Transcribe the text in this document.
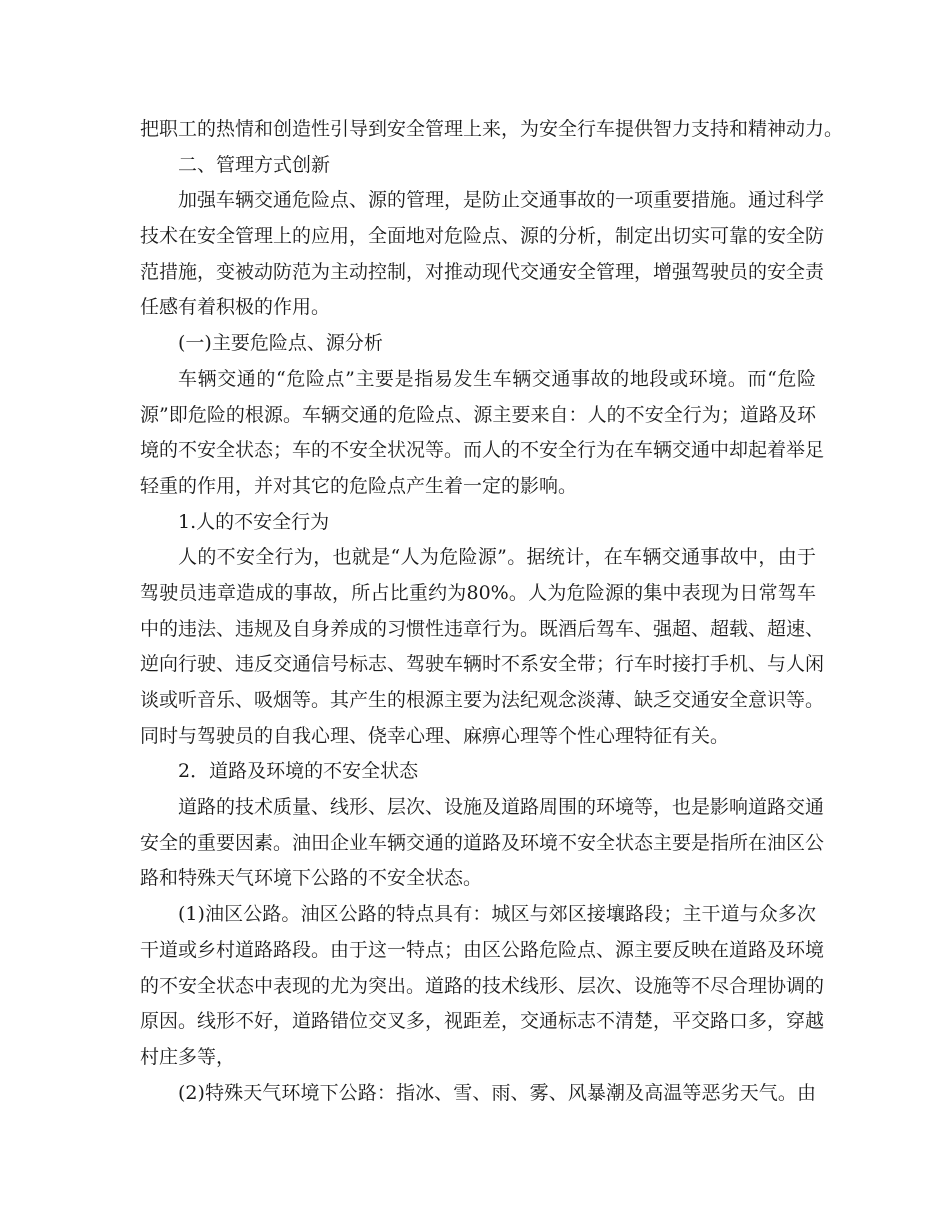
把职工的热情和创造性引导到安全管理上来，为安全行车提供智力支持和精神动力。
二、管理方式创新
加强车辆交通危险点、源的管理，是防止交通事故的一项重要措施。通过科学
技术在安全管理上的应用，全面地对危险点、源的分析，制定出切实可靠的安全防
范措施，变被动防范为主动控制，对推动现代交通安全管理，增强驾驶员的安全责
任感有着积极的作用。
(一)主要危险点、源分析
车辆交通的“危险点”主要是指易发生车辆交通事故的地段或环境。而“危险
源”即危险的根源。车辆交通的危险点、源主要来自：人的不安全行为；道路及环
境的不安全状态；车的不安全状况等。而人的不安全行为在车辆交通中却起着举足
轻重的作用，并对其它的危险点产生着一定的影响。
1.人的不安全行为
人的不安全行为，也就是“人为危险源”。据统计，在车辆交通事故中，由于
驾驶员违章造成的事故，所占比重约为80%。人为危险源的集中表现为日常驾车
中的违法、违规及自身养成的习惯性违章行为。既酒后驾车、强超、超载、超速、
逆向行驶、违反交通信号标志、驾驶车辆时不系安全带；行车时接打手机、与人闲
谈或听音乐、吸烟等。其产生的根源主要为法纪观念淡薄、缺乏交通安全意识等。
同时与驾驶员的自我心理、侥幸心理、麻痹心理等个性心理特征有关。
2．道路及环境的不安全状态
道路的技术质量、线形、层次、设施及道路周围的环境等，也是影响道路交通
安全的重要因素。油田企业车辆交通的道路及环境不安全状态主要是指所在油区公
路和特殊天气环境下公路的不安全状态。
(1)油区公路。油区公路的特点具有：城区与郊区接壤路段；主干道与众多次
干道或乡村道路路段。由于这一特点；由区公路危险点、源主要反映在道路及环境
的不安全状态中表现的尤为突出。道路的技术线形、层次、设施等不尽合理协调的
原因。线形不好，道路错位交叉多，视距差，交通标志不清楚，平交路口多，穿越
村庄多等，
(2)特殊天气环境下公路：指冰、雪、雨、雾、风暴潮及高温等恶劣天气。由
